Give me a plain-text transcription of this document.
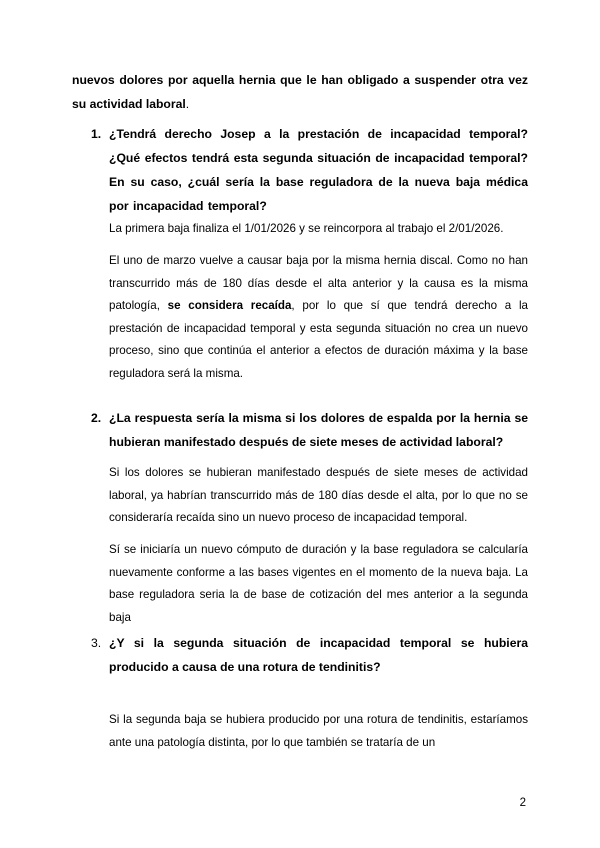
nuevos dolores por aquella hernia que le han obligado a suspender otra vez su actividad laboral.
1. ¿Tendrá derecho Josep a la prestación de incapacidad temporal? ¿Qué efectos tendrá esta segunda situación de incapacidad temporal? En su caso, ¿cuál sería la base reguladora de la nueva baja médica por incapacidad temporal?
La primera baja finaliza el 1/01/2026 y se reincorpora al trabajo el 2/01/2026.
El uno de marzo vuelve a causar baja por la misma hernia discal. Como no han transcurrido más de 180 días desde el alta anterior y la causa es la misma patología, se considera recaída, por lo que sí que tendrá derecho a la prestación de incapacidad temporal y esta segunda situación no crea un nuevo proceso, sino que continúa el anterior a efectos de duración máxima y la base reguladora será la misma.
2. ¿La respuesta sería la misma si los dolores de espalda por la hernia se hubieran manifestado después de siete meses de actividad laboral?
Si los dolores se hubieran manifestado después de siete meses de actividad laboral, ya habrían transcurrido más de 180 días desde el alta, por lo que no se consideraría recaída sino un nuevo proceso de incapacidad temporal.
Sí se iniciaría un nuevo cómputo de duración y la base reguladora se calcularía nuevamente conforme a las bases vigentes en el momento de la nueva baja. La base reguladora seria la de base de cotización del mes anterior a la segunda baja
3. ¿Y si la segunda situación de incapacidad temporal se hubiera producido a causa de una rotura de tendinitis?
Si la segunda baja se hubiera producido por una rotura de tendinitis, estaríamos ante una patología distinta, por lo que también se trataría de un
2
